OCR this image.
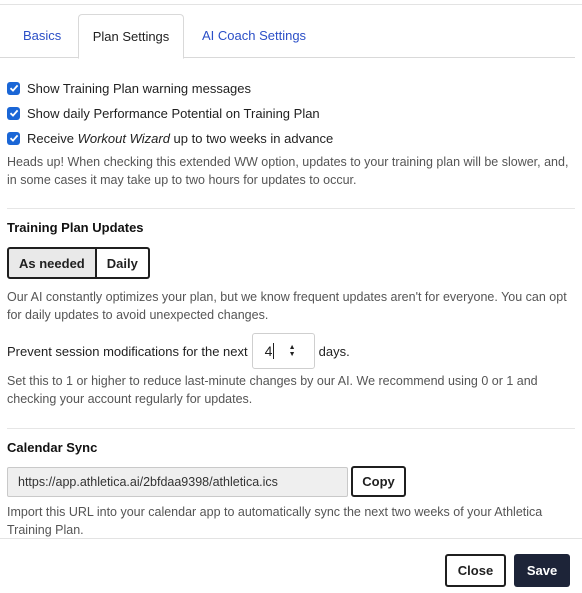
Basics	Plan Settings	AI Coach Settings
Show Training Plan warning messages
Show daily Performance Potential on Training Plan
Receive Workout Wizard up to two weeks in advance
Heads up! When checking this extended WW option, updates to your training plan will be slower, and, in some cases it may take up to two hours for updates to occur.
Training Plan Updates
As needed	Daily
Our AI constantly optimizes your plan, but we know frequent updates aren't for everyone. You can opt for daily updates to avoid unexpected changes.
Prevent session modifications for the next 4 ▲
▼ days.
Set this to 1 or higher to reduce last-minute changes by our AI. We recommend using 0 or 1 and checking your account regularly for updates.
Calendar Sync
https://app.athletica.ai/2bfdaa9398/athletica.ics	Copy
Import this URL into your calendar app to automatically sync the next two weeks of your Athletica Training Plan.
Close	Save
